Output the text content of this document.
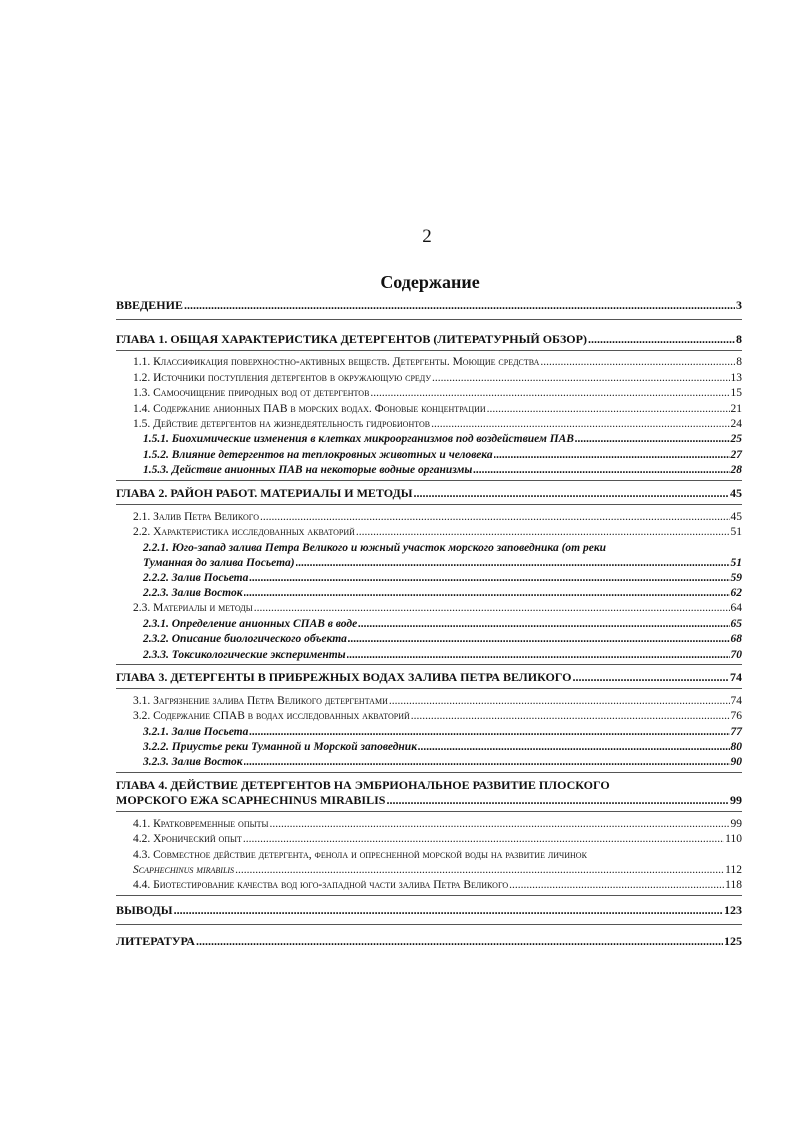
2
Содержание
ВВЕДЕНИЕ .....	3
ГЛАВА 1. ОБЩАЯ ХАРАКТЕРИСТИКА ДЕТЕРГЕНТОВ (ЛИТЕРАТУРНЫЙ ОБЗОР) .....	8
1.1. Классификация поверхностно-активных веществ. Детергенты. Моющие средства .....	8
1.2. Источники поступления детергентов в окружающую среду .....	13
1.3. Самоочищение природных вод от детергентов .....	15
1.4. Содержание анионных ПАВ в морских водах. Фоновые концентрации .....	21
1.5. Действие детергентов на жизнедеятельность гидробионтов .....	24
1.5.1. Биохимические изменения в клетках микроорганизмов под воздействием ПАВ .....	25
1.5.2. Влияние детергентов на теплокровных животных и человека .....	27
1.5.3. Действие анионных ПАВ на некоторые водные организмы .....	28
ГЛАВА 2. РАЙОН РАБОТ. МАТЕРИАЛЫ И МЕТОДЫ .....	45
2.1. Залив Петра Великого .....	45
2.2. Характеристика исследованных акваторий .....	51
2.2.1. Юго-запад залива Петра Великого и южный участок морского заповедника (от реки
Туманная до залива Посьета) .....	51
2.2.2. Залив Посьета .....	59
2.2.3. Залив Восток .....	62
2.3. Материалы и методы .....	64
2.3.1. Определение анионных СПАВ в воде .....	65
2.3.2. Описание биологического объекта .....	68
2.3.3. Токсикологические эксперименты .....	70
ГЛАВА 3. ДЕТЕРГЕНТЫ В ПРИБРЕЖНЫХ ВОДАХ ЗАЛИВА ПЕТРА ВЕЛИКОГО .....	74
3.1. Загрязнение залива Петра Великого детергентами .....	74
3.2. Содержание СПАВ в водах исследованных акваторий .....	76
3.2.1. Залив Посьета .....	77
3.2.2. Приустье реки Туманной и Морской заповедник .....	80
3.2.3. Залив Восток .....	90
ГЛАВА 4. ДЕЙСТВИЕ ДЕТЕРГЕНТОВ НА ЭМБРИОНАЛЬНОЕ РАЗВИТИЕ ПЛОСКОГО
МОРСКОГО ЕЖА SCAPHECHINUS MIRABILIS .....	99
4.1. Кратковременные опыты .....	99
4.2. Хронический опыт .....	110
4.3. Совместное действие детергента, фенола и опресненной морской воды на развитие личинок
Scaphechinus mirabilis .....	112
4.4. Биотестирование качества вод юго-западной части залива Петра Великого .....	118
ВЫВОДЫ .....	123
ЛИТЕРАТУРА .....	125
